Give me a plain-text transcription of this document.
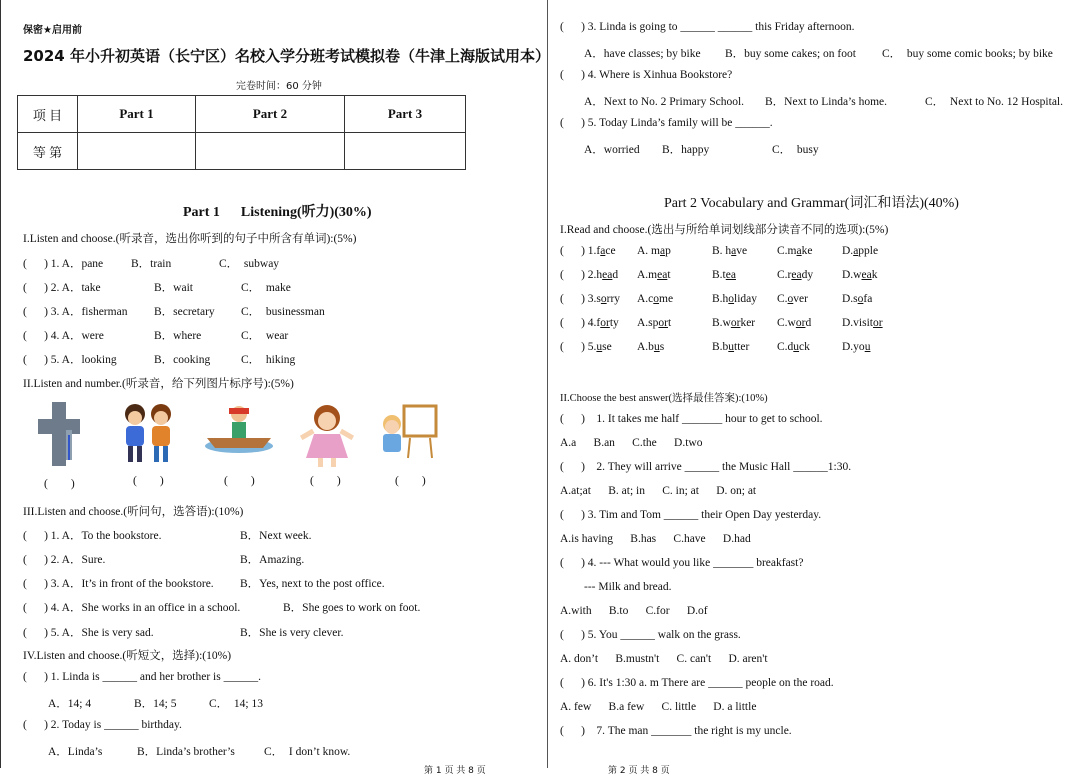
保密★启用前
2024 年小升初英语（长宁区）名校入学分班考试模拟卷（牛津上海版试用本）
完卷时间：60 分钟
项 目	Part 1	Part 2	Part 3
等 第			
Part 1      Listening(听力)(30%)
I.Listen and choose.(听录音，选出你听到的句子中所含有单词):(5%)
(      ) 1. A．pane B．train	C．  subway
(      ) 2. A．take	B．wait	C．  make
(      ) 3. A．fisherman B．secretary C．  businessman
(      ) 4. A．were	B．where	C．  wear
(      ) 5. A．looking	B．cooking	C．  hiking
II.Listen and number.(听录音，给下列图片标序号):(5%)
(        )	(        )	(        )	(        )	(        )
III.Listen and choose.(听问句，选答语):(10%)
(      ) 1. A．To the bookstore.	B．Next week.
(      ) 2. A．Sure.	B．Amazing.
(      ) 3. A．It’s in front of the bookstore. B．Yes, next to the post office.
(      ) 4. A．She works in an office in a school.	B．She goes to work on foot.
(      ) 5. A．She is very sad.	B．She is very clever.
IV.Listen and choose.(听短文，选择):(10%)
(      ) 1. Linda is ______ and her brother is ______.
A．14; 4	B．14; 5	C．  14; 13
(      ) 2. Today is ______ birthday.
A．Linda’s	B．Linda’s brother’s	C．  I don’t know.
第 1 页 共 8 页
(      ) 3. Linda is going to ______ ______ this Friday afternoon.
A．have classes; by bike B．buy some cakes; on foot C．  buy some comic books; by bike
(      ) 4. Where is Xinhua Bookstore?
A．Next to No. 2 Primary School. B．Next to Linda’s home.	C．  Next to No. 12 Hospital.
(      ) 5. Today Linda’s family will be ______.
A．worried B．happy	C．  busy
Part 2 Vocabulary and Grammar(词汇和语法)(40%)
I.Read and choose.(选出与所给单词划线部分读音不同的选项):(5%)
(      ) 1.face A. map	B. have	C.make	D.apple
(      ) 2.head A.meat	B.tea	C.ready	D.weak
(      ) 3.sorry A.come	B.holiday C.over	D.sofa
(      ) 4.forty A.sport	B.worker C.word	D.visitor
(      ) 5.use A.bus	B.butter C.duck	D.you
II.Choose the best answer(选择最佳答案):(10%)
(      )    1. It takes me half _______ hour to get to school.
A.a      B.an      C.the      D.two
(      )    2. They will arrive ______ the Music Hall ______1:30.
A.at;at      B. at; in      C. in; at      D. on; at
(      ) 3. Tim and Tom ______ their Open Day yesterday.
A.is having      B.has      C.have      D.had
(      ) 4. --- What would you like _______ breakfast?
--- Milk and bread.
A.with      B.to      C.for      D.of
(      ) 5. You ______ walk on the grass.
A. don’t      B.mustn't      C. can't      D. aren't
(      ) 6. It's 1:30 a. m There are ______ people on the road.
A. few      B.a few      C. little      D. a little
(      )    7. The man _______ the right is my uncle.
第 2 页 共 8 页
